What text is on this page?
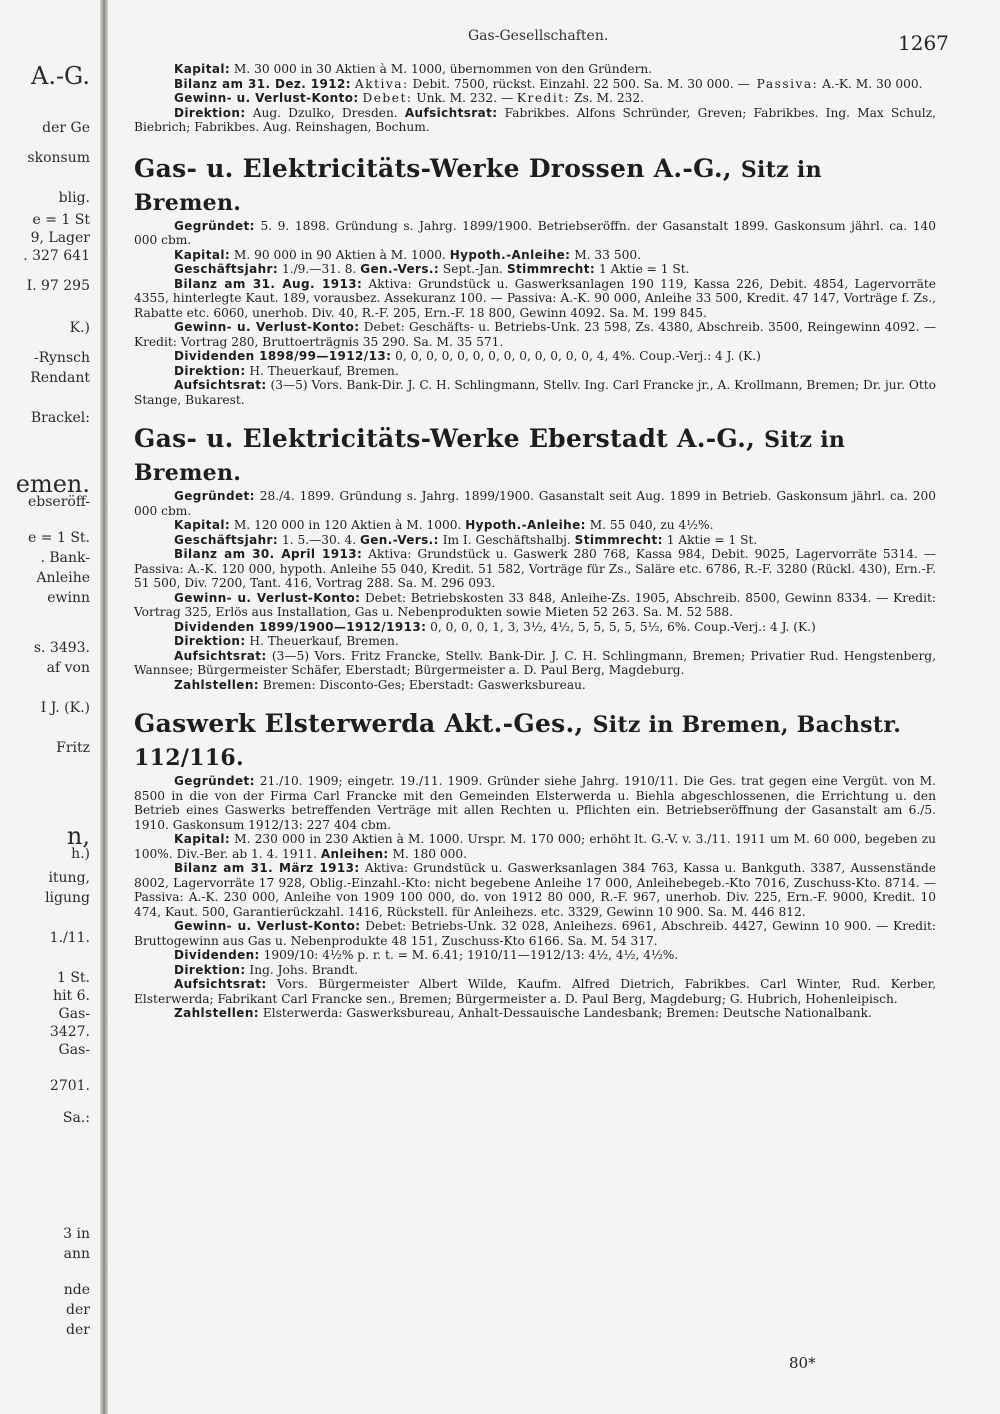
A.-G.
der Ge
skonsum
blig.
e = 1 St
9, Lager
. 327 641
I. 97 295
K.)
-Rynsch
Rendant
Brackel:
emen.
ebseröff-
e = 1 St.
. Bank-
Anleihe
ewinn
s. 3493.
af von
I J. (K.)
Fritz
n,
h.)
itung,
ligung
1./11.
1 St.
hit 6.
Gas-
3427.
Gas-
2701.
Sa.:
3 in
ann
nde
der
der
Gas-Gesellschaften.	1267

Kapital: M. 30 000 in 30 Aktien à M. 1000, übernommen von den Gründern.

Bilanz am 31. Dez. 1912: Aktiva: Debit. 7500, rückst. Einzahl. 22 500. Sa. M. 30 000. — Passiva: A.-K. M. 30 000.

Gewinn- u. Verlust-Konto: Debet: Unk. M. 232. — Kredit: Zs. M. 232.

Direktion: Aug. Dzulko, Dresden. Aufsichtsrat: Fabrikbes. Alfons Schründer, Greven; Fabrikbes. Ing. Max Schulz, Biebrich; Fabrikbes. Aug. Reinshagen, Bochum.

Gas- u. Elektricitäts-Werke Drossen A.-G., Sitz in Bremen.

Gegründet: 5. 9. 1898. Gründung s. Jahrg. 1899/1900. Betriebseröffn. der Gasanstalt 1899. Gaskonsum jährl. ca. 140 000 cbm.

Kapital: M. 90 000 in 90 Aktien à M. 1000. Hypoth.-Anleihe: M. 33 500.

Geschäftsjahr: 1./9.—31. 8. Gen.-Vers.: Sept.-Jan. Stimmrecht: 1 Aktie = 1 St.

Bilanz am 31. Aug. 1913: Aktiva: Grundstück u. Gaswerksanlagen 190 119, Kassa 226, Debit. 4854, Lagervorräte 4355, hinterlegte Kaut. 189, vorausbez. Assekuranz 100. — Passiva: A.-K. 90 000, Anleihe 33 500, Kredit. 47 147, Vorträge f. Zs., Rabatte etc. 6060, unerhob. Div. 40, R.-F. 205, Ern.-F. 18 800, Gewinn 4092. Sa. M. 199 845.

Gewinn- u. Verlust-Konto: Debet: Geschäfts- u. Betriebs-Unk. 23 598, Zs. 4380, Abschreib. 3500, Reingewinn 4092. — Kredit: Vortrag 280, Bruttoerträgnis 35 290. Sa. M. 35 571.

Dividenden 1898/99—1912/13: 0, 0, 0, 0, 0, 0, 0, 0, 0, 0, 0, 0, 0, 4, 4%. Coup.-Verj.: 4 J. (K.)

Direktion: H. Theuerkauf, Bremen.

Aufsichtsrat: (3—5) Vors. Bank-Dir. J. C. H. Schlingmann, Stellv. Ing. Carl Francke jr., A. Krollmann, Bremen; Dr. jur. Otto Stange, Bukarest.

Gas- u. Elektricitäts-Werke Eberstadt A.-G., Sitz in Bremen.

Gegründet: 28./4. 1899. Gründung s. Jahrg. 1899/1900. Gasanstalt seit Aug. 1899 in Betrieb. Gaskonsum jährl. ca. 200 000 cbm.

Kapital: M. 120 000 in 120 Aktien à M. 1000. Hypoth.-Anleihe: M. 55 040, zu 4½%.

Geschäftsjahr: 1. 5.—30. 4. Gen.-Vers.: Im I. Geschäftshalbj. Stimmrecht: 1 Aktie = 1 St.

Bilanz am 30. April 1913: Aktiva: Grundstück u. Gaswerk 280 768, Kassa 984, Debit. 9025, Lagervorräte 5314. — Passiva: A.-K. 120 000, hypoth. Anleihe 55 040, Kredit. 51 582, Vorträge für Zs., Saläre etc. 6786, R.-F. 3280 (Rückl. 430), Ern.-F. 51 500, Div. 7200, Tant. 416, Vortrag 288. Sa. M. 296 093.

Gewinn- u. Verlust-Konto: Debet: Betriebskosten 33 848, Anleihe-Zs. 1905, Abschreib. 8500, Gewinn 8334. — Kredit: Vortrag 325, Erlös aus Installation, Gas u. Nebenprodukten sowie Mieten 52 263. Sa. M. 52 588.

Dividenden 1899/1900—1912/1913: 0, 0, 0, 0, 1, 3, 3½, 4½, 5, 5, 5, 5, 5½, 6%. Coup.-Verj.: 4 J. (K.)

Direktion: H. Theuerkauf, Bremen.

Aufsichtsrat: (3—5) Vors. Fritz Francke, Stellv. Bank-Dir. J. C. H. Schlingmann, Bremen; Privatier Rud. Hengstenberg, Wannsee; Bürgermeister Schäfer, Eberstadt; Bürgermeister a. D. Paul Berg, Magdeburg.

Zahlstellen: Bremen: Disconto-Ges; Eberstadt: Gaswerksbureau.

Gaswerk Elsterwerda Akt.-Ges., Sitz in Bremen, Bachstr. 112/116.

Gegründet: 21./10. 1909; eingetr. 19./11. 1909. Gründer siehe Jahrg. 1910/11. Die Ges. trat gegen eine Vergüt. von M. 8500 in die von der Firma Carl Francke mit den Gemeinden Elsterwerda u. Biehla abgeschlossenen, die Errichtung u. den Betrieb eines Gaswerks betreffenden Verträge mit allen Rechten u. Pflichten ein. Betriebseröffnung der Gasanstalt am 6./5. 1910. Gaskonsum 1912/13: 227 404 cbm.

Kapital: M. 230 000 in 230 Aktien à M. 1000. Urspr. M. 170 000; erhöht lt. G.-V. v. 3./11. 1911 um M. 60 000, begeben zu 100%. Div.-Ber. ab 1. 4. 1911. Anleihen: M. 180 000.

Bilanz am 31. März 1913: Aktiva: Grundstück u. Gaswerksanlagen 384 763, Kassa u. Bankguth. 3387, Aussenstände 8002, Lagervorräte 17 928, Oblig.-Einzahl.-Kto: nicht begebene Anleihe 17 000, Anleihebegeb.-Kto 7016, Zuschuss-Kto. 8714. — Passiva: A.-K. 230 000, Anleihe von 1909 100 000, do. von 1912 80 000, R.-F. 967, unerhob. Div. 225, Ern.-F. 9000, Kredit. 10 474, Kaut. 500, Garantierückzahl. 1416, Rückstell. für Anleihezs. etc. 3329, Gewinn 10 900. Sa. M. 446 812.

Gewinn- u. Verlust-Konto: Debet: Betriebs-Unk. 32 028, Anleihezs. 6961, Abschreib. 4427, Gewinn 10 900. — Kredit: Bruttogewinn aus Gas u. Nebenprodukte 48 151, Zuschuss-Kto 6166. Sa. M. 54 317.

Dividenden: 1909/10: 4½% p. r. t. = M. 6.41; 1910/11—1912/13: 4½, 4½, 4½%.

Direktion: Ing. Johs. Brandt.

Aufsichtsrat: Vors. Bürgermeister Albert Wilde, Kaufm. Alfred Dietrich, Fabrikbes. Carl Winter, Rud. Kerber, Elsterwerda; Fabrikant Carl Francke sen., Bremen; Bürgermeister a. D. Paul Berg, Magdeburg; G. Hubrich, Hohenleipisch.

Zahlstellen: Elsterwerda: Gaswerksbureau, Anhalt-Dessauische Landesbank; Bremen: Deutsche Nationalbank.

80*
